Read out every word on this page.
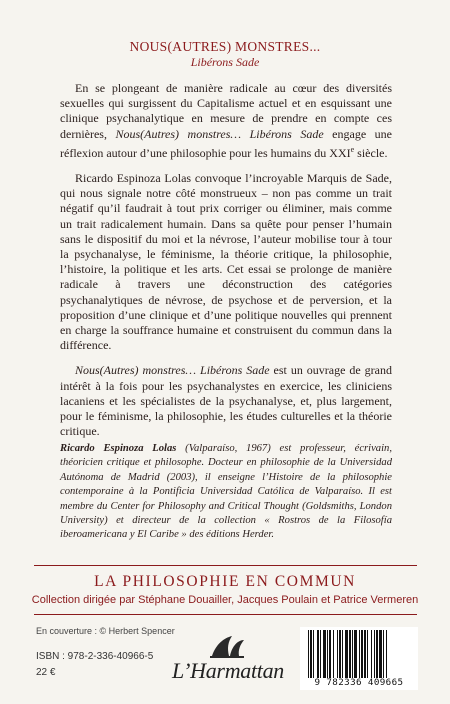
NOUS(AUTRES) MONSTRES...
Libérons Sade

En se plongeant de manière radicale au cœur des diversités sexuelles qui surgissent du Capitalisme actuel et en esquissant une clinique psychanalytique en mesure de prendre en compte ces dernières, Nous(Autres) monstres… Libérons Sade engage une réflexion autour d’une philosophie pour les humains du XXIe siècle.

Ricardo Espinoza Lolas convoque l’incroyable Marquis de Sade, qui nous signale notre côté monstrueux – non pas comme un trait négatif qu’il faudrait à tout prix corriger ou éliminer, mais comme un trait radicalement humain. Dans sa quête pour penser l’humain sans le dispositif du moi et la névrose, l’auteur mobilise tour à tour la psychanalyse, le féminisme, la théorie critique, la philosophie, l’histoire, la politique et les arts. Cet essai se prolonge de manière radicale à travers une déconstruction des catégories psychanalytiques de névrose, de psychose et de perversion, et la proposition d’une clinique et d’une politique nouvelles qui prennent en charge la souffrance humaine et construisent du commun dans la différence.

Nous(Autres) monstres… Libérons Sade est un ouvrage de grand intérêt à la fois pour les psychanalystes en exercice, les cliniciens lacaniens et les spécialistes de la psychanalyse, et, plus largement, pour le féminisme, la philosophie, les études culturelles et la théorie critique.

Ricardo Espinoza Lolas (Valparaíso, 1967) est professeur, écrivain, théoricien critique et philosophe. Docteur en philosophie de la Universidad Autónoma de Madrid (2003), il enseigne l’Histoire de la philosophie contemporaine à la Pontificia Universidad Católica de Valparaíso. Il est membre du Center for Philosophy and Critical Thought (Goldsmiths, London University) et directeur de la collection « Rostros de la Filosofía iberoamericana y El Caribe » des éditions Herder.
LA PHILOSOPHIE EN COMMUN
Collection dirigée par Stéphane Douailler, Jacques Poulain et Patrice Vermeren
En couverture : © Herbert Spencer
ISBN : 978-2-336-40966-5
22 €	L’Harmattan	9 782336 409665
